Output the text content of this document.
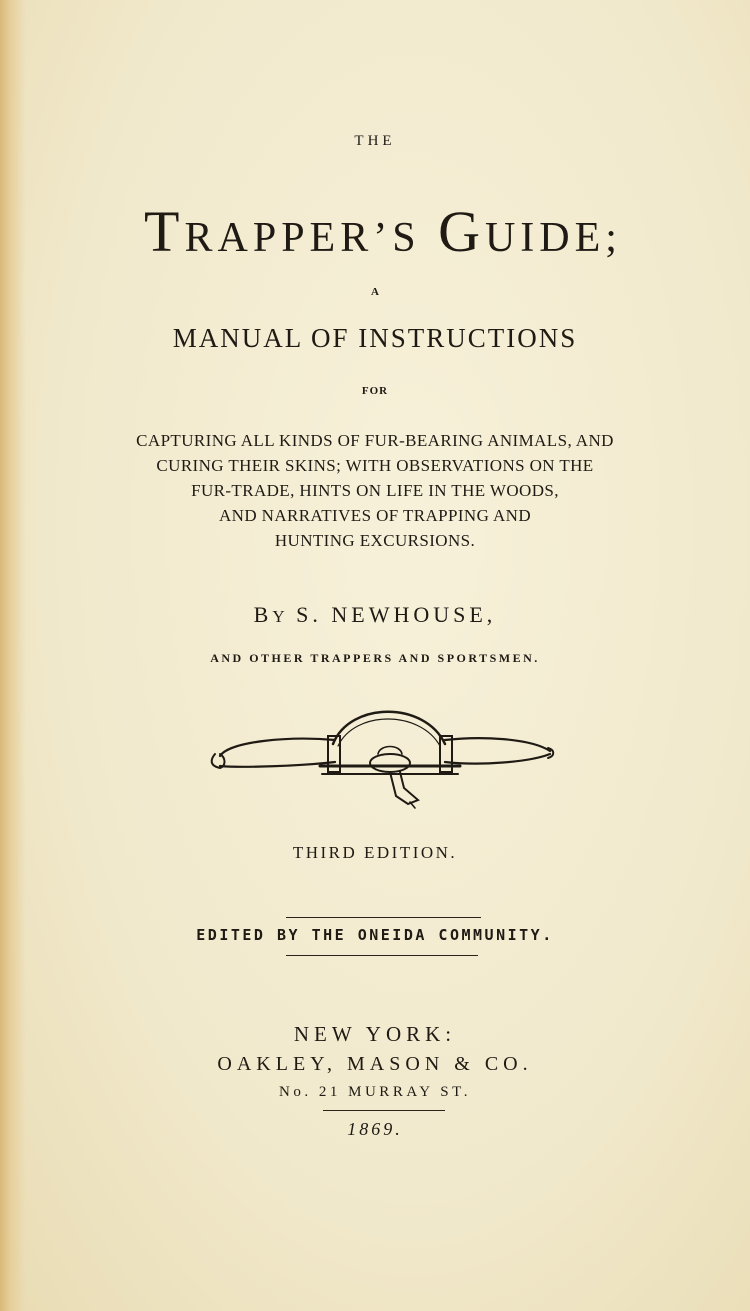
THE
TRAPPER’S GUIDE;
A
MANUAL OF INSTRUCTIONS
FOR
CAPTURING ALL KINDS OF FUR-BEARING ANIMALS, AND
CURING THEIR SKINS; WITH OBSERVATIONS ON THE
FUR-TRADE, HINTS ON LIFE IN THE WOODS,
AND NARRATIVES OF TRAPPING AND
HUNTING EXCURSIONS.
BY S. NEWHOUSE,
AND OTHER TRAPPERS AND SPORTSMEN.
THIRD EDITION.
EDITED BY THE ONEIDA COMMUNITY.
NEW YORK:
OAKLEY, MASON & CO.
No. 21 MURRAY ST.
1869.
